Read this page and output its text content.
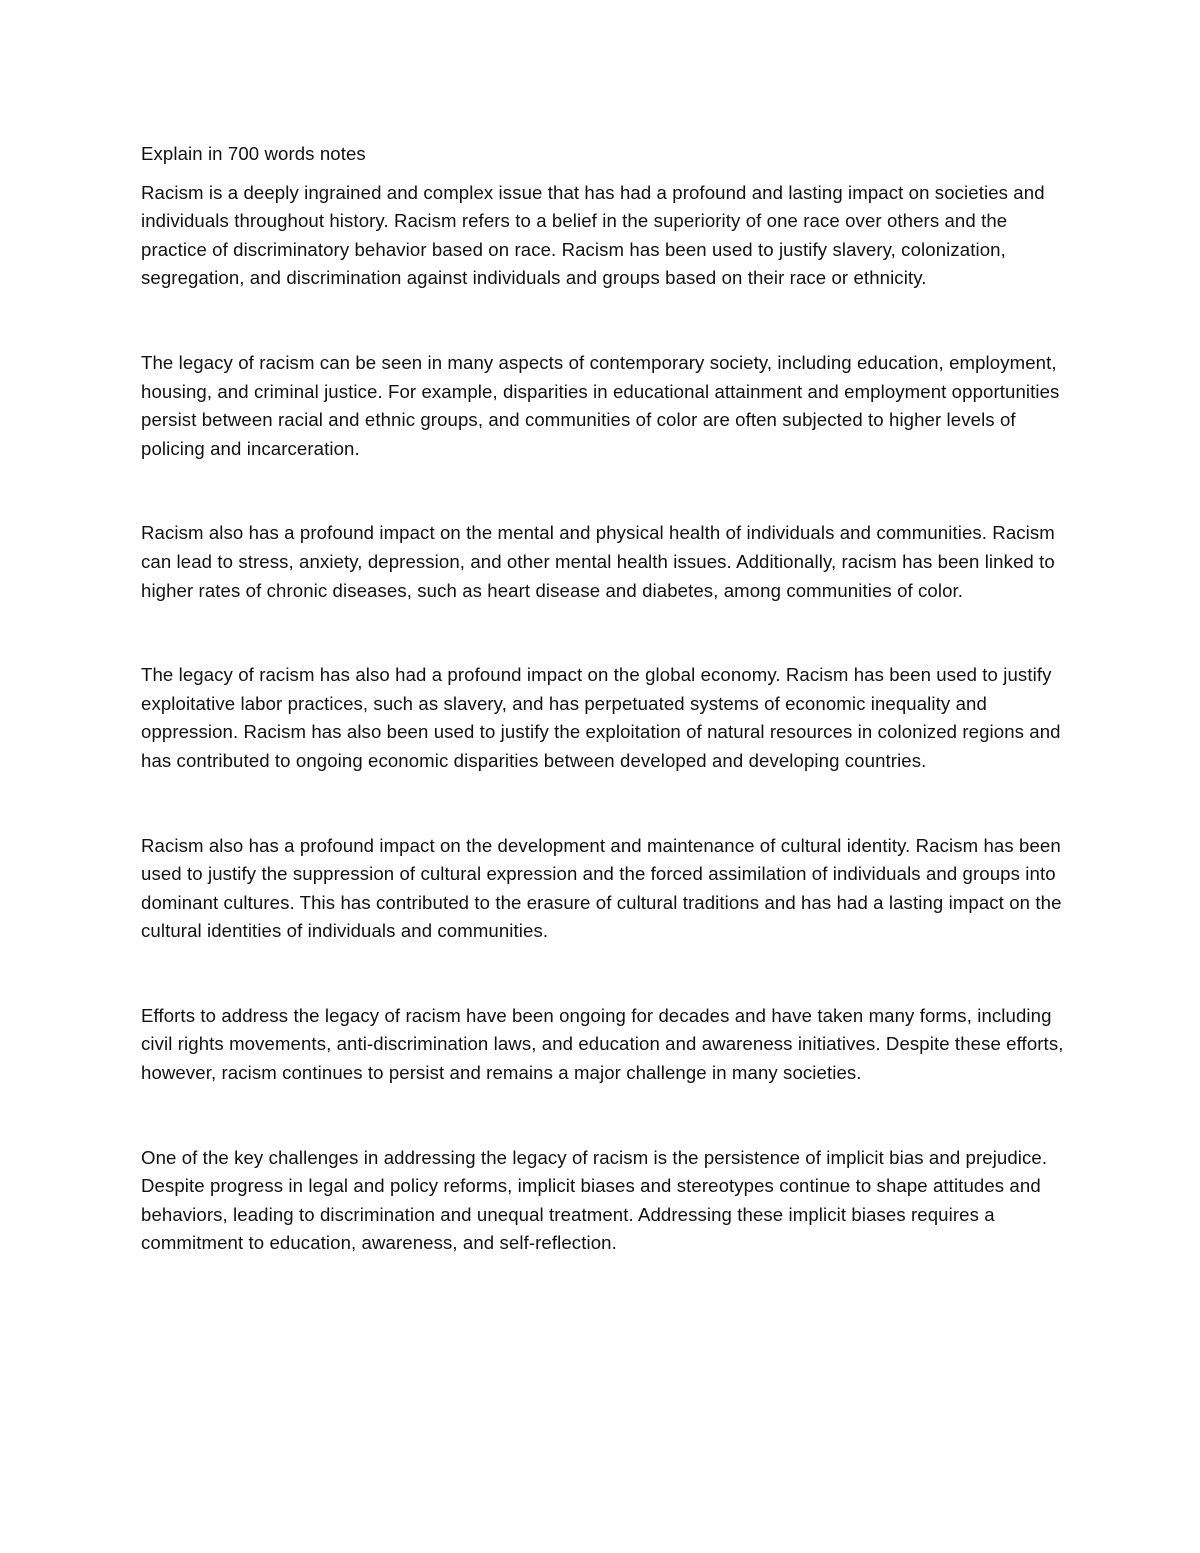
Explain in 700 words notes

Racism is a deeply ingrained and complex issue that has had a profound and lasting impact on societies and individuals throughout history. Racism refers to a belief in the superiority of one race over others and the practice of discriminatory behavior based on race. Racism has been used to justify slavery, colonization, segregation, and discrimination against individuals and groups based on their race or ethnicity.

The legacy of racism can be seen in many aspects of contemporary society, including education, employment, housing, and criminal justice. For example, disparities in educational attainment and employment opportunities persist between racial and ethnic groups, and communities of color are often subjected to higher levels of policing and incarceration.

Racism also has a profound impact on the mental and physical health of individuals and communities. Racism can lead to stress, anxiety, depression, and other mental health issues. Additionally, racism has been linked to higher rates of chronic diseases, such as heart disease and diabetes, among communities of color.

The legacy of racism has also had a profound impact on the global economy. Racism has been used to justify exploitative labor practices, such as slavery, and has perpetuated systems of economic inequality and oppression. Racism has also been used to justify the exploitation of natural resources in colonized regions and has contributed to ongoing economic disparities between developed and developing countries.

Racism also has a profound impact on the development and maintenance of cultural identity. Racism has been used to justify the suppression of cultural expression and the forced assimilation of individuals and groups into dominant cultures. This has contributed to the erasure of cultural traditions and has had a lasting impact on the cultural identities of individuals and communities.

Efforts to address the legacy of racism have been ongoing for decades and have taken many forms, including civil rights movements, anti-discrimination laws, and education and awareness initiatives. Despite these efforts, however, racism continues to persist and remains a major challenge in many societies.

One of the key challenges in addressing the legacy of racism is the persistence of implicit bias and prejudice. Despite progress in legal and policy reforms, implicit biases and stereotypes continue to shape attitudes and behaviors, leading to discrimination and unequal treatment. Addressing these implicit biases requires a commitment to education, awareness, and self-reflection.
